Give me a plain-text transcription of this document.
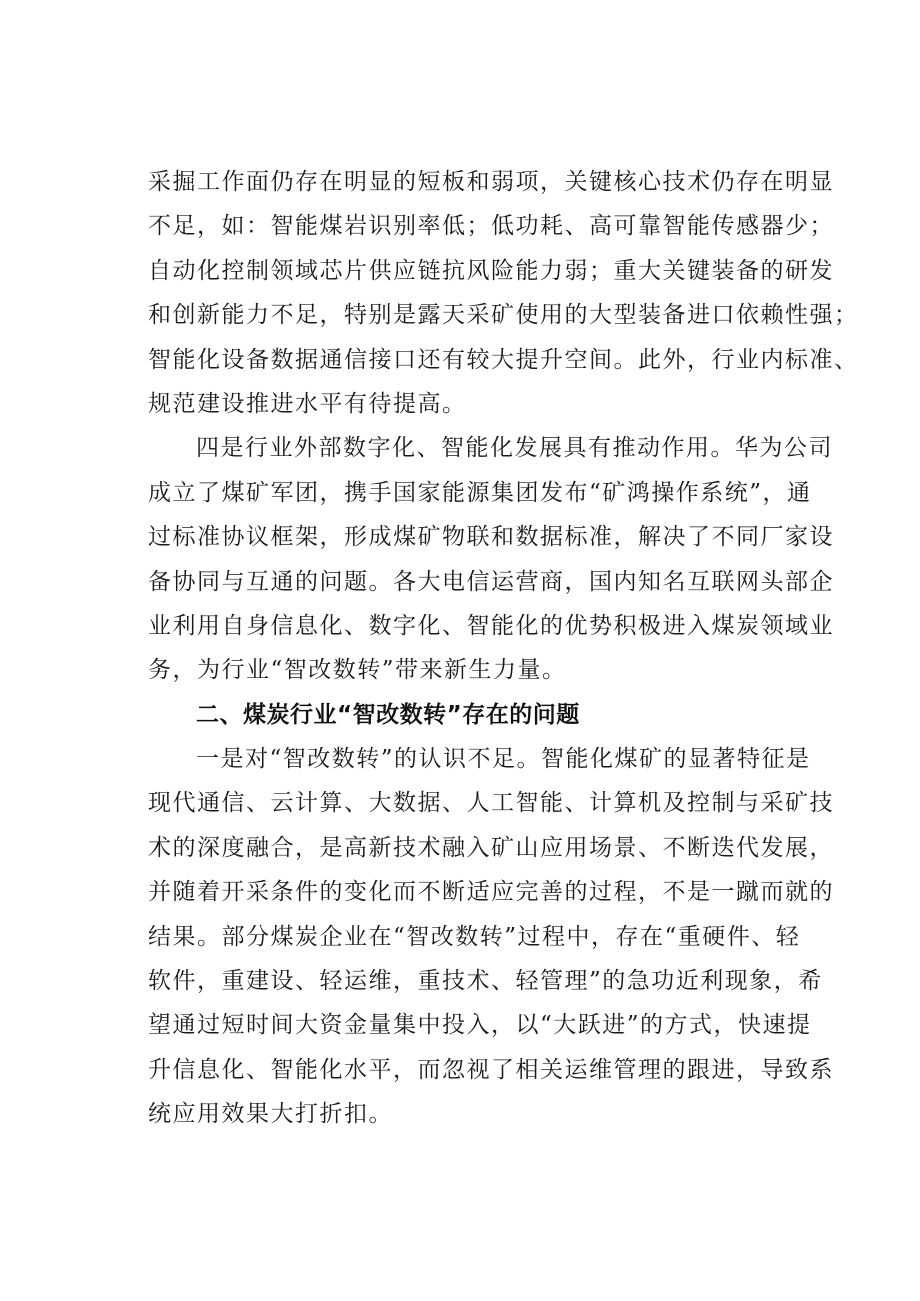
采掘工作面仍存在明显的短板和弱项，关键核心技术仍存在明显
不足，如：智能煤岩识别率低；低功耗、高可靠智能传感器少；
自动化控制领域芯片供应链抗风险能力弱；重大关键装备的研发
和创新能力不足，特别是露天采矿使用的大型装备进口依赖性强；
智能化设备数据通信接口还有较大提升空间。此外，行业内标准、
规范建设推进水平有待提高。
四是行业外部数字化、智能化发展具有推动作用。华为公司
成立了煤矿军团，携手国家能源集团发布“矿鸿操作系统”，通
过标准协议框架，形成煤矿物联和数据标准，解决了不同厂家设
备协同与互通的问题。各大电信运营商，国内知名互联网头部企
业利用自身信息化、数字化、智能化的优势积极进入煤炭领域业
务，为行业“智改数转”带来新生力量。
二、煤炭行业“智改数转”存在的问题
一是对“智改数转”的认识不足。智能化煤矿的显著特征是
现代通信、云计算、大数据、人工智能、计算机及控制与采矿技
术的深度融合，是高新技术融入矿山应用场景、不断迭代发展，
并随着开采条件的变化而不断适应完善的过程，不是一蹴而就的
结果。部分煤炭企业在“智改数转”过程中，存在“重硬件、轻
软件，重建设、轻运维，重技术、轻管理”的急功近利现象，希
望通过短时间大资金量集中投入，以“大跃进”的方式，快速提
升信息化、智能化水平，而忽视了相关运维管理的跟进，导致系
统应用效果大打折扣。
